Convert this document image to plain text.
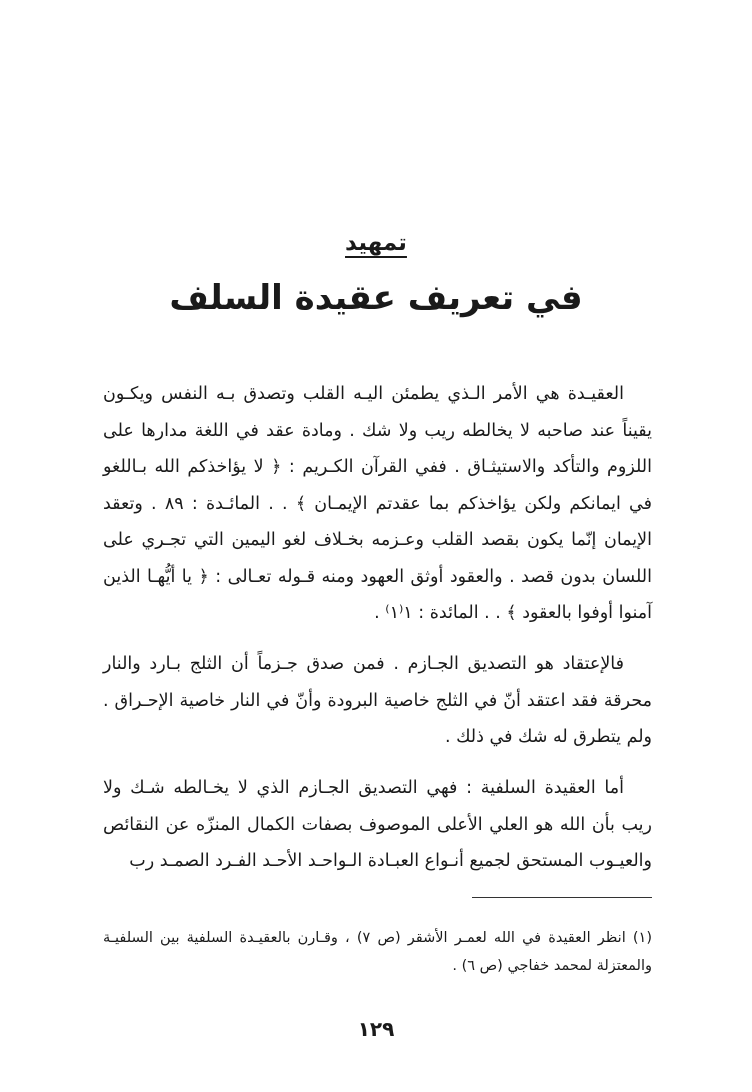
تمهيد
في تعريف عقيدة السلف
العقيـدة هي الأمر الـذي يطمئن اليـه القلب وتصدق بـه النفس ويكـون يقيناً عند صاحبه لا يخالطه ريب ولا شك . ومادة عقد في اللغة مدارها على اللزوم والتأكد والاستيثـاق . ففي القرآن الكـريم : ﴿ لا يؤاخذكم الله بـاللغو في ايمانكم ولكن يؤاخذكم بما عقدتم الإيمـان ﴾ . . المائـدة : ٨٩ . وتعقد الإيمان إنّما يكون بقصد القلب وعـزمه بخـلاف لغو اليمين التي تجـري على اللسان بدون قصد . والعقود أوثق العهود ومنه قـوله تعـالى : ﴿ يا أيُّهـا الذين آمنوا أوفوا بالعقود ﴾ . . المائدة : ١⁽١⁾ .
فالإعتقاد هو التصديق الجـازم . فمن صدق جـزماً أن الثلج بـارد والنار محرقة فقد اعتقد أنّ في الثلج خاصية البرودة وأنّ في النار خاصية الإحـراق . ولم يتطرق له شك في ذلك .
أما العقيدة السلفية : فهي التصديق الجـازم الذي لا يخـالطه شـك ولا ريب بأن الله هو العلي الأعلى الموصوف بصفات الكمال المنزّه عن النقائص والعيـوب المستحق لجميع أنـواع العبـادة الـواحـد الأحـد الفـرد الصمـد رب
(١) انظر العقيدة في الله لعمـر الأشقر (ص ٧) ، وقـارن بالعقيـدة السلفية بين السلفيـة والمعتزلة لمحمد خفاجي (ص ٦) .
١٢٩
